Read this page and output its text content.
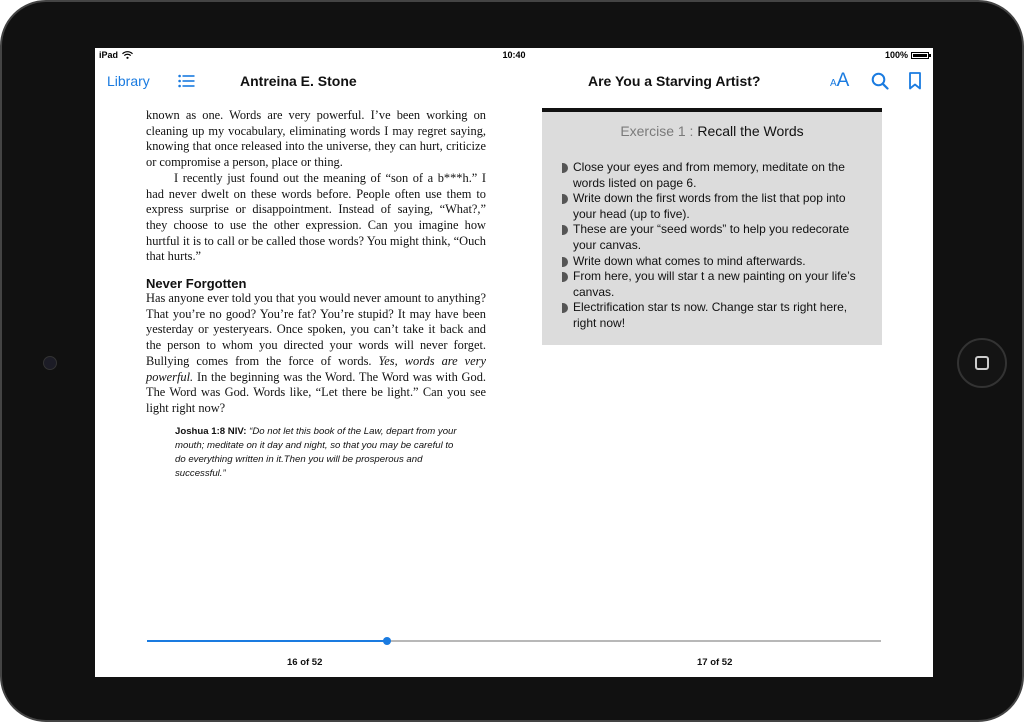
iPad	10:40	100%
Library	Antreina E. Stone	Are You a Starving Artist?	AA

known as one. Words are very powerful. I’ve been working on cleaning up my vocabulary, eliminating words I may regret saying, knowing that once released into the universe, they can hurt, criticize or compromise a person, place or thing.

I recently just found out the meaning of “son of a b***h.” I had never dwelt on these words before. People often use them to express surprise or disappointment. Instead of saying, “What?,” they choose to use the other expression. Can you imagine how hurtful it is to call or be called those words? You might think, “Ouch that hurts.”

Never Forgotten

Has anyone ever told you that you would never amount to anything? That you’re no good? You’re fat? You’re stupid? It may have been yesterday or yesteryears. Once spoken, you can’t take it back and the person to whom you directed your words will never forget. Bullying comes from the force of words. Yes, words are very powerful. In the beginning was the Word. The Word was with God. The Word was God. Words like, “Let there be light.” Can you see light right now?

Joshua 1:8 NIV: “Do not let this book of the Law, depart from your mouth; meditate on it day and night, so that you may be careful to do everything written in it.Then you will be prosperous and successful.”

Exercise 1 : Recall the Words
Close your eyes and from memory, meditate on the words listed on page 6.
Write down the first words from the list that pop into your head (up to five).
These are your “seed words” to help you redecorate your canvas.
Write down what comes to mind afterwards.
From here, you will star t a new painting on your life’s canvas.
Electrification star ts now. Change star ts right here, right now!
16 of 52	17 of 52
